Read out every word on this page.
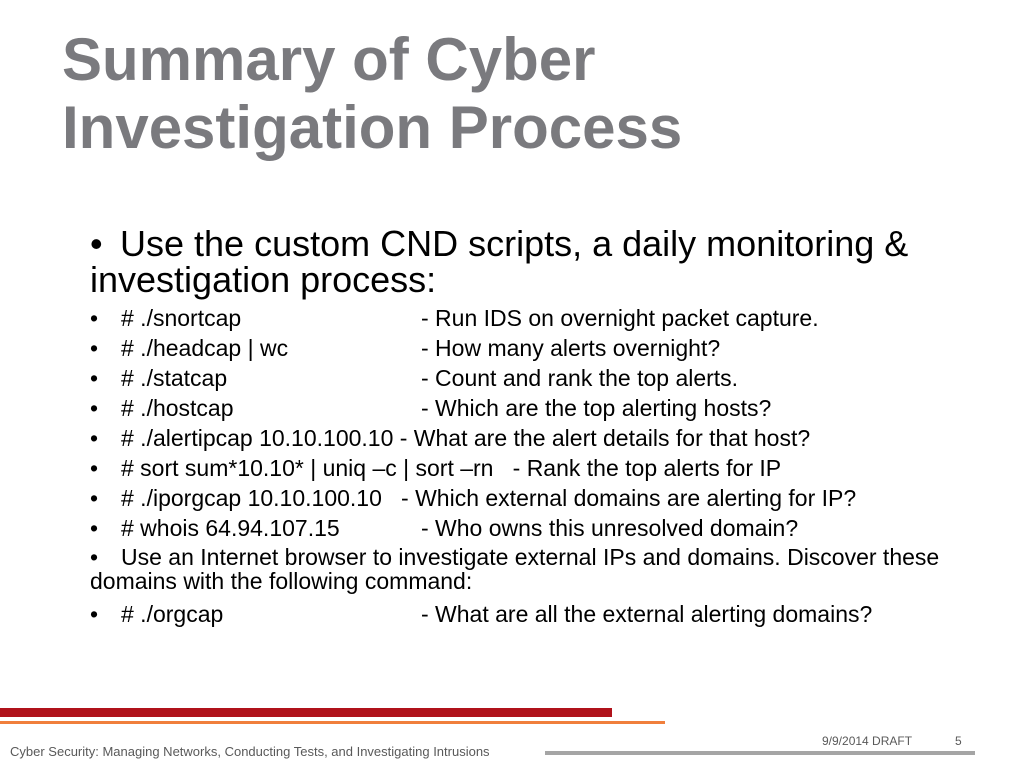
Summary of Cyber
Investigation Process
• Use the custom CND scripts, a daily monitoring & investigation process:
• # ./snortcap	- Run IDS on overnight packet capture.
• # ./headcap | wc	- How many alerts overnight?
• # ./statcap	- Count and rank the top alerts.
• # ./hostcap	- Which are the top alerting hosts?
• # ./alertipcap 10.10.100.10 - What are the alert details for that host?
• # sort sum*10.10* | uniq –c | sort –rn   - Rank the top alerts for IP
• # ./iporgcap 10.10.100.10   - Which external domains are alerting for IP?
• # whois 64.94.107.15	- Who owns this unresolved domain?
• Use an Internet browser to investigate external IPs and domains. Discover these domains with the following command:
• # ./orgcap	- What are all the external alerting domains?
Cyber Security: Managing Networks, Conducting Tests, and Investigating Intrusions
9/9/2014 DRAFT	5
